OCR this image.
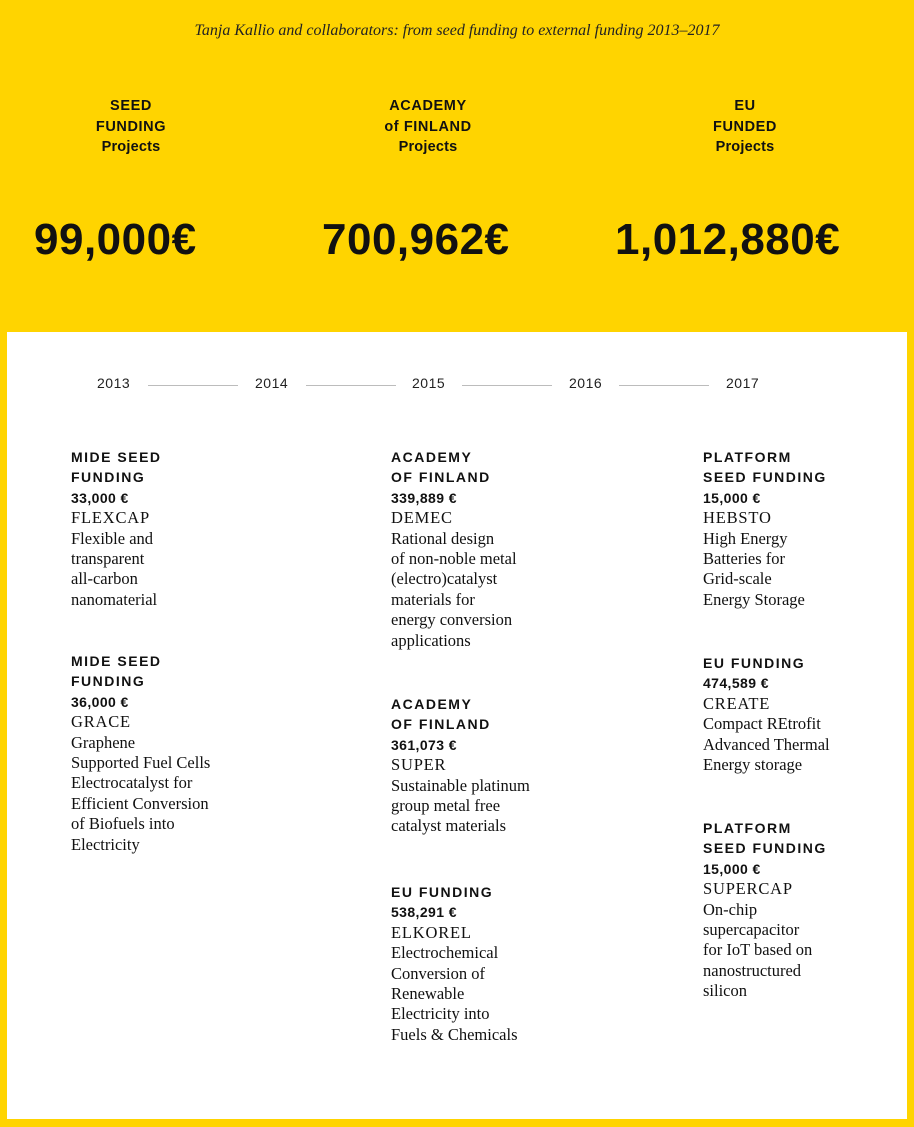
Tanja Kallio and collaborators: from seed funding to external funding 2013–2017
SEED
FUNDING
Projects
99,000€
ACADEMY
of FINLAND
Projects
700,962€
EU
FUNDED
Projects
1,012,880€
2013	2014	2015	2016	2017
MIDE SEED
FUNDING
33,000 €
FLEXCAP
Flexible and
transparent
all-carbon
nanomaterial
MIDE SEED
FUNDING
36,000 €
GRACE
Graphene
Supported Fuel Cells
Electrocatalyst for
Efficient Conversion
of Biofuels into
Electricity
ACADEMY
OF FINLAND
339,889 €
DEMEC
Rational design
of non-noble metal
(electro)catalyst
materials for
energy conversion
applications
ACADEMY
OF FINLAND
361,073 €
SUPER
Sustainable platinum
group metal free
catalyst materials
EU FUNDING
538,291 €
ELKOREL
Electrochemical
Conversion of
Renewable
Electricity into
Fuels & Chemicals
PLATFORM
SEED FUNDING
15,000 €
HEBSTO
High Energy
Batteries for
Grid-scale
Energy Storage
EU FUNDING
474,589 €
CREATE
Compact REtrofit
Advanced Thermal
Energy storage
PLATFORM
SEED FUNDING
15,000 €
SUPERCAP
On-chip
supercapacitor
for IoT based on
nanostructured
silicon
